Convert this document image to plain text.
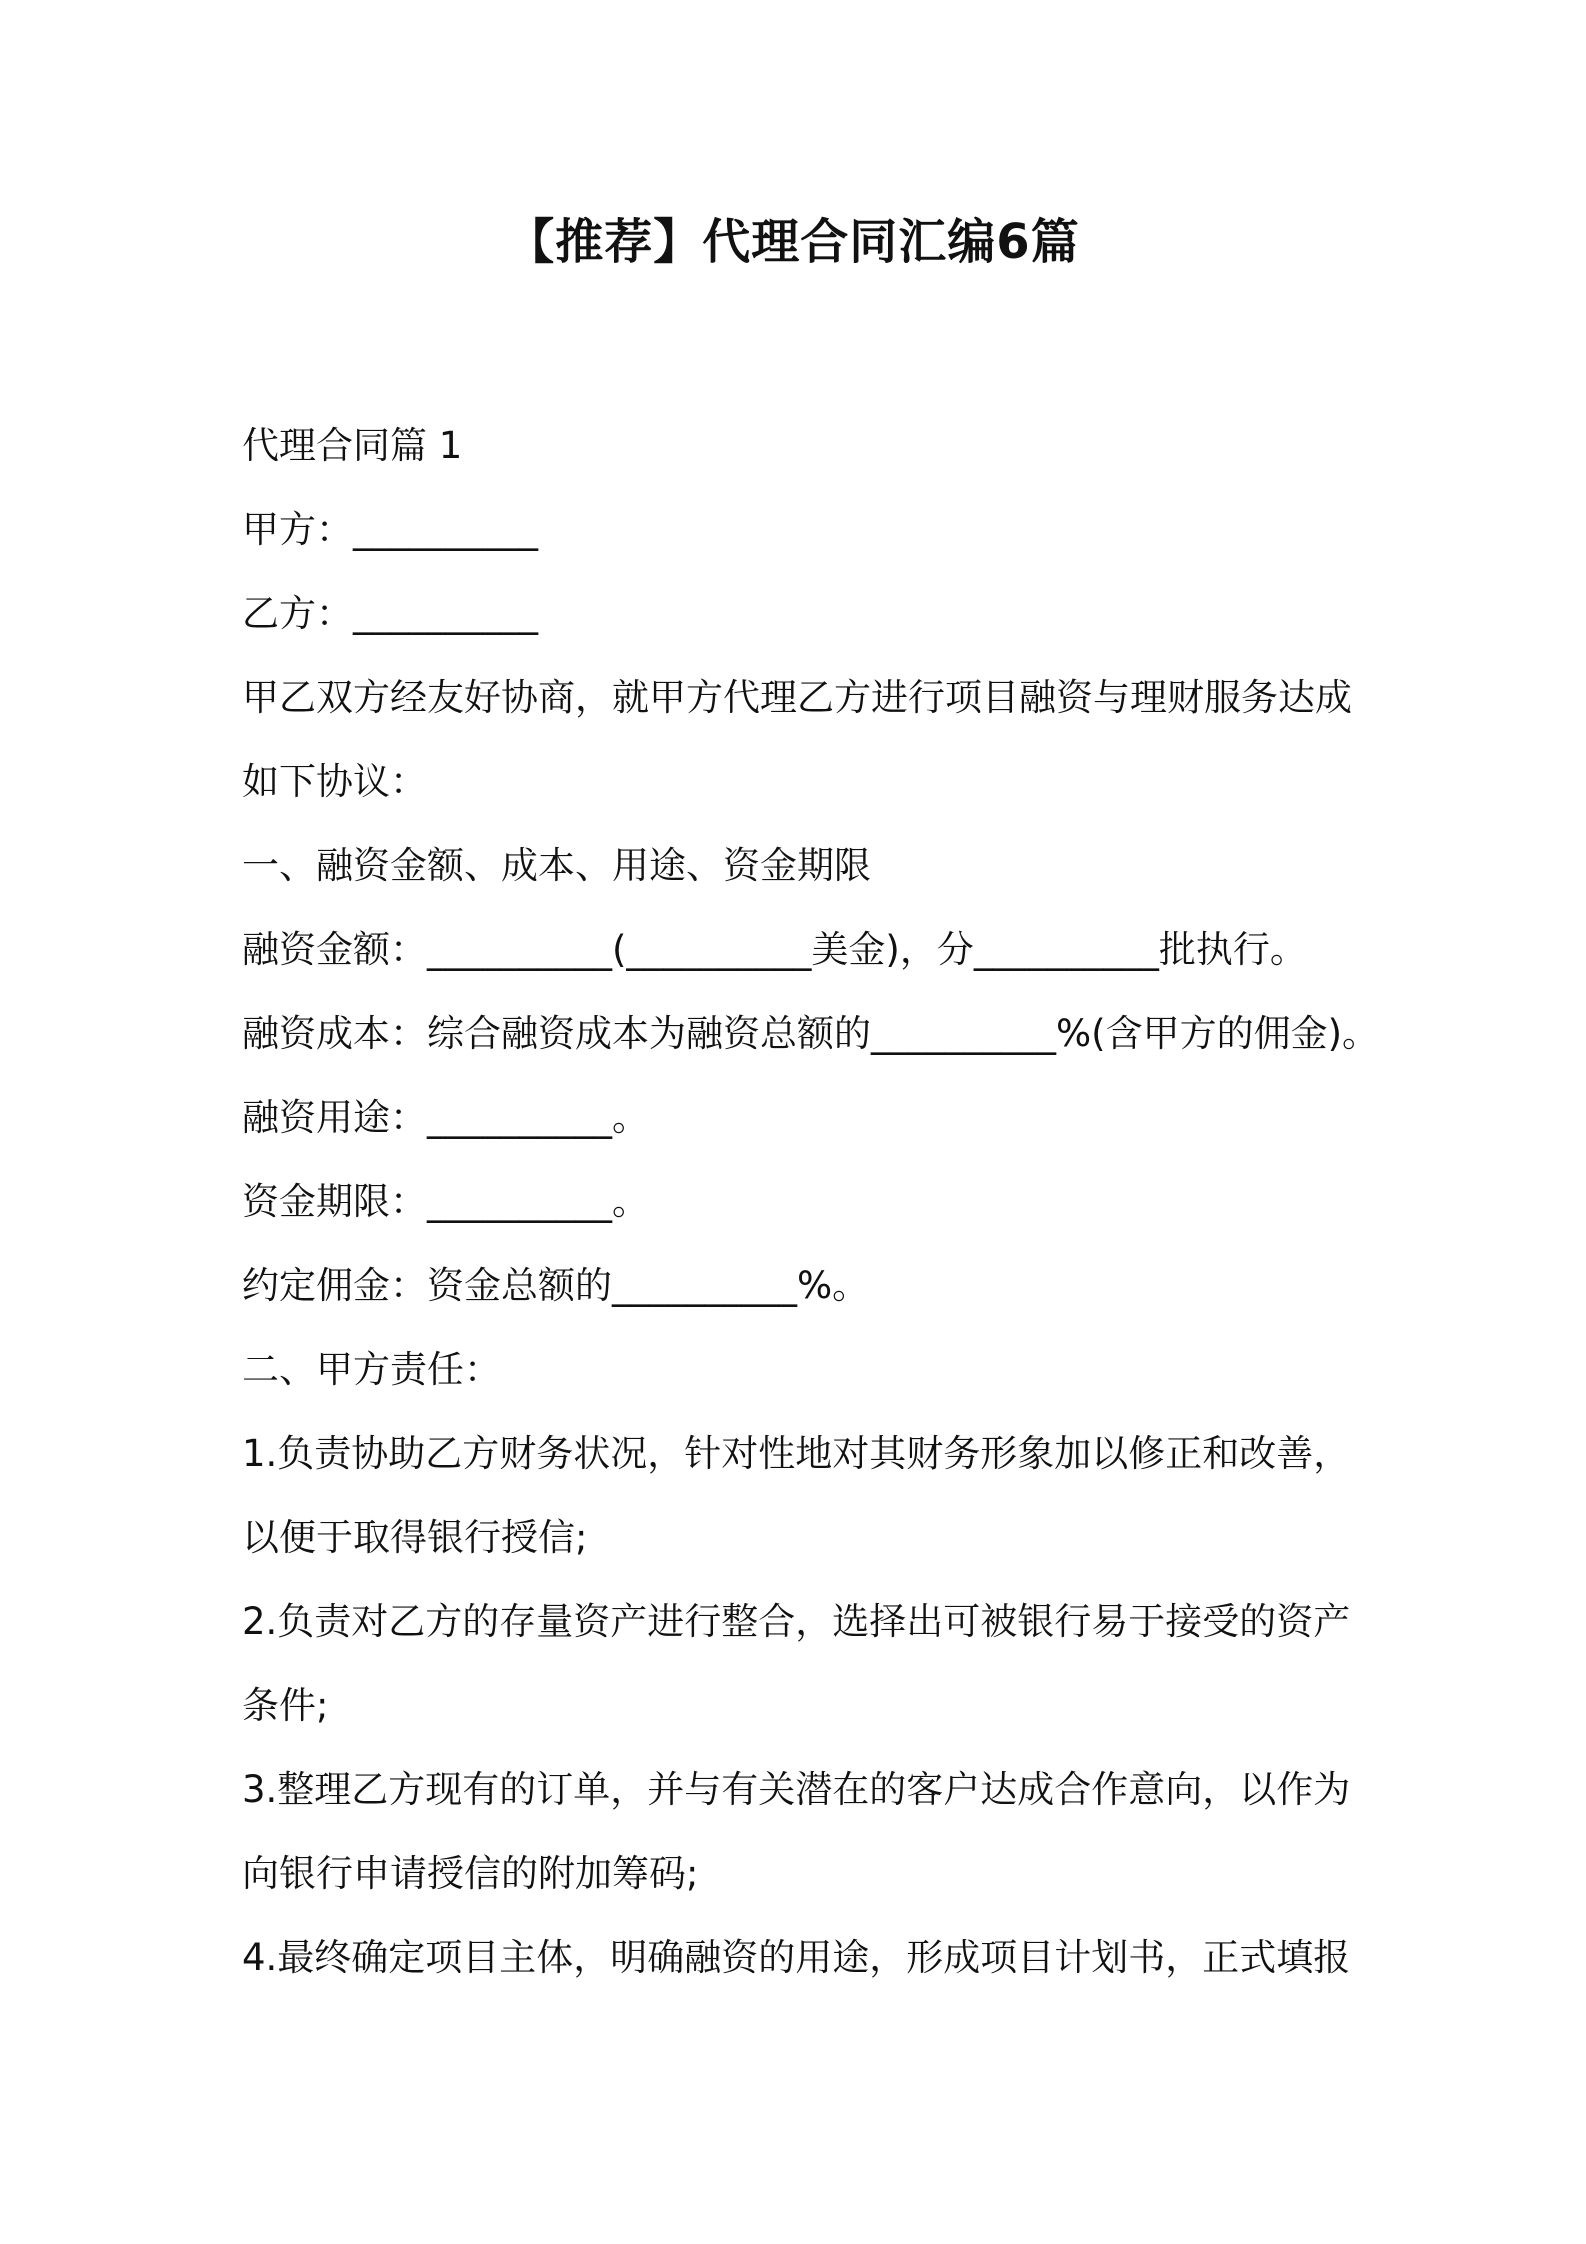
【推荐】代理合同汇编6篇
代理合同篇 1
甲方：__________
乙方：__________
甲乙双方经友好协商，就甲方代理乙方进行项目融资与理财服务达成
如下协议：
一、融资金额、成本、用途、资金期限
融资金额：__________(__________美金)，分__________批执行。
融资成本：综合融资成本为融资总额的__________%(含甲方的佣金)。
融资用途：__________。
资金期限：__________。
约定佣金：资金总额的__________%。
二、甲方责任：
1.负责协助乙方财务状况，针对性地对其财务形象加以修正和改善，
以便于取得银行授信;
2.负责对乙方的存量资产进行整合，选择出可被银行易于接受的资产
条件;
3.整理乙方现有的订单，并与有关潜在的客户达成合作意向，以作为
向银行申请授信的附加筹码;
4.最终确定项目主体，明确融资的用途，形成项目计划书，正式填报
